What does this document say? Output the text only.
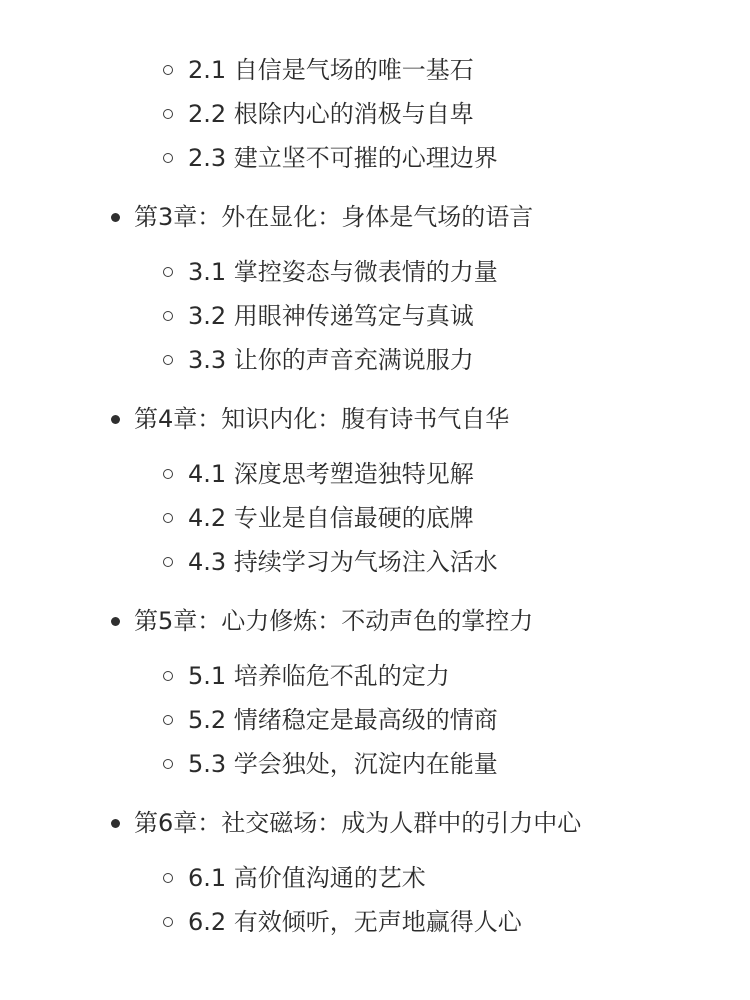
2.1 自信是气场的唯一基石
2.2 根除内心的消极与自卑
2.3 建立坚不可摧的心理边界
第3章：外在显化：身体是气场的语言
3.1 掌控姿态与微表情的力量
3.2 用眼神传递笃定与真诚
3.3 让你的声音充满说服力
第4章：知识内化：腹有诗书气自华
4.1 深度思考塑造独特见解
4.2 专业是自信最硬的底牌
4.3 持续学习为气场注入活水
第5章：心力修炼：不动声色的掌控力
5.1 培养临危不乱的定力
5.2 情绪稳定是最高级的情商
5.3 学会独处，沉淀内在能量
第6章：社交磁场：成为人群中的引力中心
6.1 高价值沟通的艺术
6.2 有效倾听，无声地赢得人心
